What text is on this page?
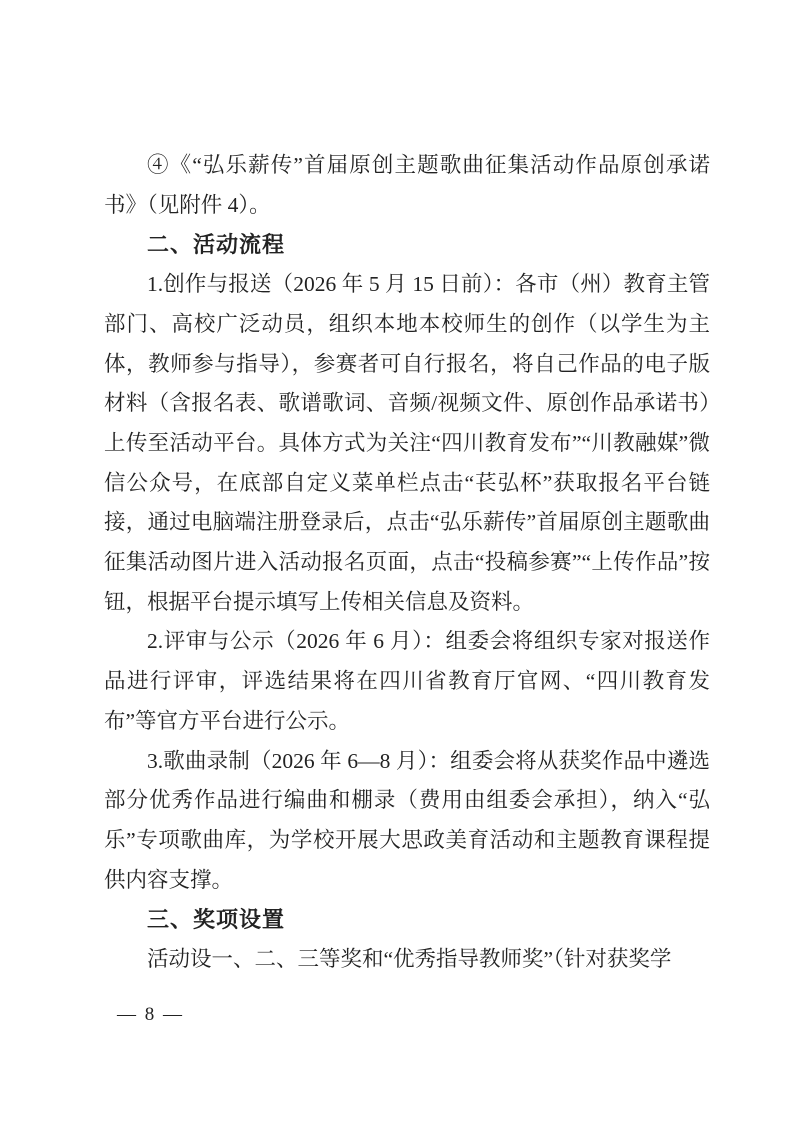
④《“弘乐薪传”首届原创主题歌曲征集活动作品原创承诺书》（见附件 4）。

二、活动流程

1.创作与报送（2026 年 5 月 15 日前）：各市（州）教育主管部门、高校广泛动员，组织本地本校师生的创作（以学生为主体，教师参与指导），参赛者可自行报名，将自己作品的电子版材料（含报名表、歌谱歌词、音频/视频文件、原创作品承诺书）上传至活动平台。具体方式为关注“四川教育发布”“川教融媒”微信公众号，在底部自定义菜单栏点击“苌弘杯”获取报名平台链接，通过电脑端注册登录后，点击“弘乐薪传”首届原创主题歌曲征集活动图片进入活动报名页面，点击“投稿参赛”“上传作品”按钮，根据平台提示填写上传相关信息及资料。

2.评审与公示（2026 年 6 月）：组委会将组织专家对报送作品进行评审，评选结果将在四川省教育厅官网、“四川教育发布”等官方平台进行公示。

3.歌曲录制（2026 年 6—8 月）：组委会将从获奖作品中遴选部分优秀作品进行编曲和棚录（费用由组委会承担），纳入“弘乐”专项歌曲库，为学校开展大思政美育活动和主题教育课程提供内容支撑。

三、奖项设置

活动设一、二、三等奖和“优秀指导教师奖”（针对获奖学

— 8 —
